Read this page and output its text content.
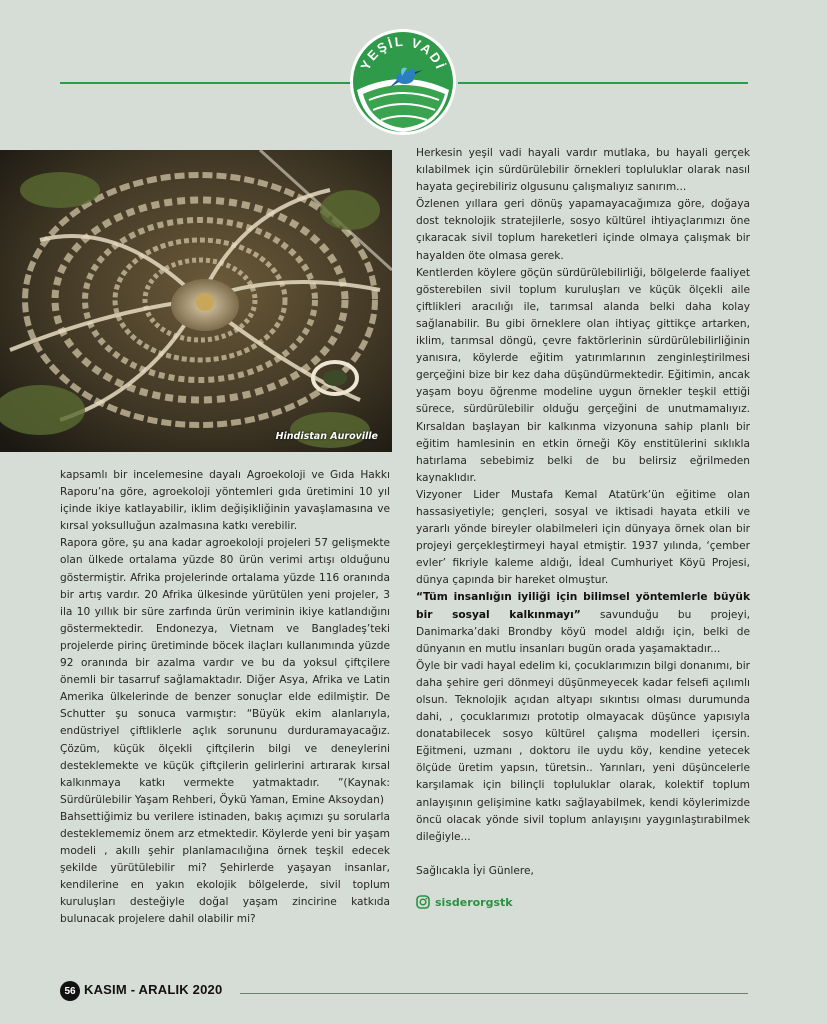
YEŞİL VADİ
Hindistan Auroville

kapsamlı bir incelemesine dayalı Agroekoloji ve Gıda Hakkı Raporu’na göre, agroekoloji yöntemleri gıda üretimini 10 yıl içinde ikiye katlayabilir, iklim değişikliğinin yavaşlamasına ve kırsal yoksulluğun azalmasına katkı verebilir.

Rapora göre, şu ana kadar agroekoloji projeleri 57 gelişmekte olan ülkede ortalama yüzde 80 ürün verimi artışı olduğunu göstermiştir. Afrika projelerinde ortalama yüzde 116 oranında bir artış vardır. 20 Afrika ülkesinde yürütülen yeni projeler, 3 ila 10 yıllık bir süre zarfında ürün veriminin ikiye katlandığını göstermektedir. Endonezya, Vietnam ve Bangladeş’teki projelerde pirinç üretiminde böcek ilaçları kullanımında yüzde 92 oranında bir azalma vardır ve bu da yoksul çiftçilere önemli bir tasarruf sağlamaktadır. Diğer Asya, Afrika ve Latin Amerika ülkelerinde de benzer sonuçlar elde edilmiştir. De Schutter şu sonuca varmıştır: “Büyük ekim alanlarıyla, endüstriyel çiftliklerle açlık sorununu durduramayacağız. Çözüm, küçük ölçekli çiftçilerin bilgi ve deneylerini desteklemekte ve küçük çiftçilerin gelirlerini artırarak kırsal kalkınmaya katkı vermekte yatmaktadır. ”(Kaynak: Sürdürülebilir Yaşam Rehberi, Öykü Yaman, Emine Aksoydan)

Bahsettiğimiz bu verilere istinaden, bakış açımızı şu sorularla desteklememiz önem arz etmektedir. Köylerde yeni bir yaşam modeli , akıllı şehir planlamacılığına örnek teşkil edecek şekilde yürütülebilir mi? Şehirlerde yaşayan insanlar, kendilerine en yakın ekolojik bölgelerde, sivil toplum kuruluşları desteğiyle doğal yaşam zincirine katkıda bulunacak projelere dahil olabilir mi?

Herkesin yeşil vadi hayali vardır mutlaka, bu hayali gerçek kılabilmek için sürdürülebilir örnekleri topluluklar olarak nasıl hayata geçirebiliriz olgusunu çalışmalıyız sanırım...

Özlenen yıllara geri dönüş yapamayacağımıza göre, doğaya dost teknolojik stratejilerle, sosyo kültürel ihtiyaçlarımızı öne çıkaracak sivil toplum hareketleri içinde olmaya çalışmak bir hayalden öte olmasa gerek.

Kentlerden köylere göçün sürdürülebilirliği, bölgelerde faaliyet gösterebilen sivil toplum kuruluşları ve küçük ölçekli aile çiftlikleri aracılığı ile, tarımsal alanda belki daha kolay sağlanabilir. Bu gibi örneklere olan ihtiyaç gittikçe artarken, iklim, tarımsal döngü, çevre faktörlerinin sürdürülebilirliğinin yanısıra, köylerde eğitim yatırımlarının zenginleştirilmesi gerçeğini bize bir kez daha düşündürmektedir. Eğitimin, ancak yaşam boyu öğrenme modeline uygun örnekler teşkil ettiği sürece, sürdürülebilir olduğu gerçeğini de unutmamalıyız. Kırsaldan başlayan bir kalkınma vizyonuna sahip planlı bir eğitim hamlesinin en etkin örneği Köy enstitülerini sıklıkla hatırlama sebebimiz belki de bu belirsiz eğrilmeden kaynaklıdır.

Vizyoner Lider Mustafa Kemal Atatürk’ün eğitime olan hassasiyetiyle; gençleri, sosyal ve iktisadi hayata etkili ve yararlı yönde bireyler olabilmeleri için dünyaya örnek olan bir projeyi gerçekleştirmeyi hayal etmiştir. 1937 yılında, ‘çember evler’ fikriyle kaleme aldığı, İdeal Cumhuriyet Köyü Projesi, dünya çapında bir hareket olmuştur.

“Tüm insanlığın iyiliği için bilimsel yöntemlerle büyük bir sosyal kalkınmayı” savunduğu bu projeyi, Danimarka’daki Brondby köyü model aldığı için, belki de dünyanın en mutlu insanları bugün orada yaşamaktadır...

Öyle bir vadi hayal edelim ki, çocuklarımızın bilgi donanımı, bir daha şehire geri dönmeyi düşünmeyecek kadar felsefi açılımlı olsun. Teknolojik açıdan altyapı sıkıntısı olması durumunda dahi, , çocuklarımızı prototip olmayacak düşünce yapısıyla donatabilecek sosyo kültürel çalışma modelleri içersin. Eğitmeni, uzmanı , doktoru ile uydu köy, kendine yetecek ölçüde üretim yapsın, türetsin.. Yarınları, yeni düşüncelerle karşılamak için bilinçli topluluklar olarak, kolektif toplum anlayışının gelişimine katkı sağlayabilmek, kendi köylerimizde öncü olacak yönde sivil toplum anlayışını yaygınlaştırabilmek dileğiyle...

Sağlıcakla İyi Günlere,

sisderorgstk
56 KASIM - ARALIK 2020
